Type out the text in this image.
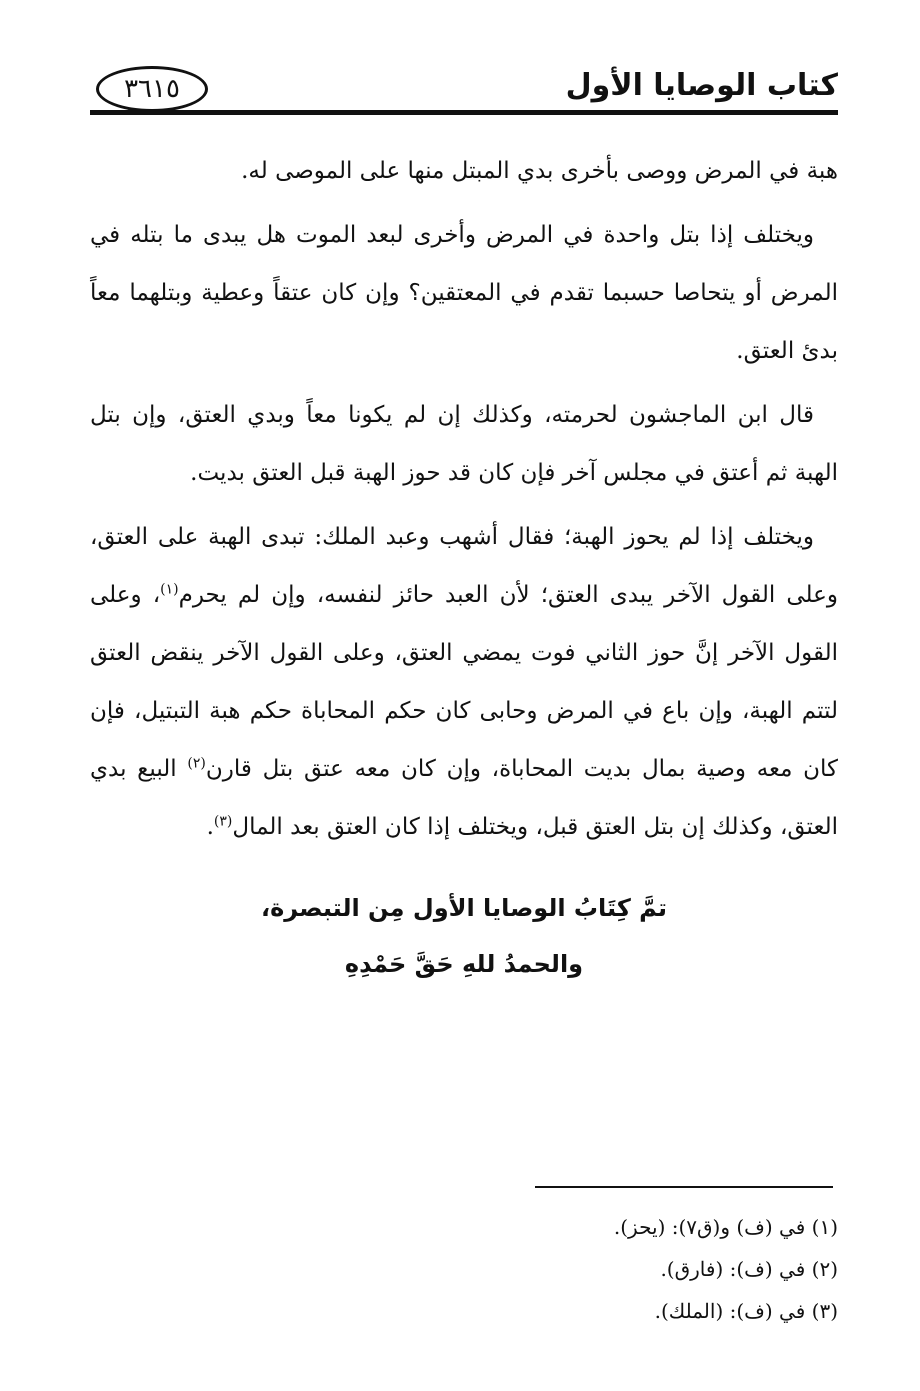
٣٦١٥	كتاب الوصايا الأول

هبة في المرض ووصى بأخرى بدي المبتل منها على الموصى له.

ويختلف إذا بتل واحدة في المرض وأخرى لبعد الموت هل يبدى ما بتله في المرض أو يتحاصا حسبما تقدم في المعتقين؟ وإن كان عتقاً وعطية وبتلهما معاً بدئ العتق.

قال ابن الماجشون لحرمته، وكذلك إن لم يكونا معاً وبدي العتق، وإن بتل الهبة ثم أعتق في مجلس آخر فإن كان قد حوز الهبة قبل العتق بديت.

ويختلف إذا لم يحوز الهبة؛ فقال أشهب وعبد الملك: تبدى الهبة على العتق، وعلى القول الآخر يبدى العتق؛ لأن العبد حائز لنفسه، وإن لم يحرم$^{(١)}$، وعلى القول الآخر إنَّ حوز الثاني فوت يمضي العتق، وعلى القول الآخر ينقض العتق لتتم الهبة، وإن باع في المرض وحابى كان حكم المحاباة حكم هبة التبتيل، فإن كان معه وصية بمال بديت المحاباة، وإن كان معه عتق بتل قارن$^{(٢)}$ البيع بدي العتق، وكذلك إن بتل العتق قبل، ويختلف إذا كان العتق بعد المال$^{(٣)}$.

تمَّ كِتَابُ الوصايا الأول مِن التبصرة،
والحمدُ للهِ حَقَّ حَمْدِهِ

(١) في (ف) و(ق٧): (يحز).

(٢) في (ف): (فارق).

(٣) في (ف): (الملك).
